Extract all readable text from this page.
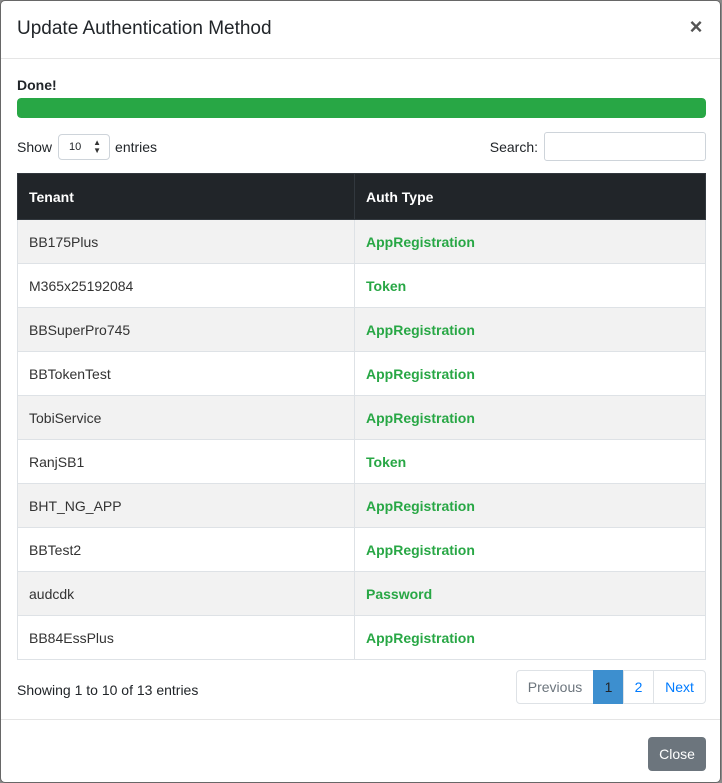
Update Authentication Method	×
Done!
Show 10 ▲
▼ entries	Search:
Tenant	Auth Type
BB175Plus	AppRegistration
M365x25192084	Token
BBSuperPro745	AppRegistration
BBTokenTest	AppRegistration
TobiService	AppRegistration
RanjSB1	Token
BHT_NG_APP	AppRegistration
BBTest2	AppRegistration
audcdk	Password
BB84EssPlus	AppRegistration
Showing 1 to 10 of 13 entries	Previous	1	2	Next
Close
